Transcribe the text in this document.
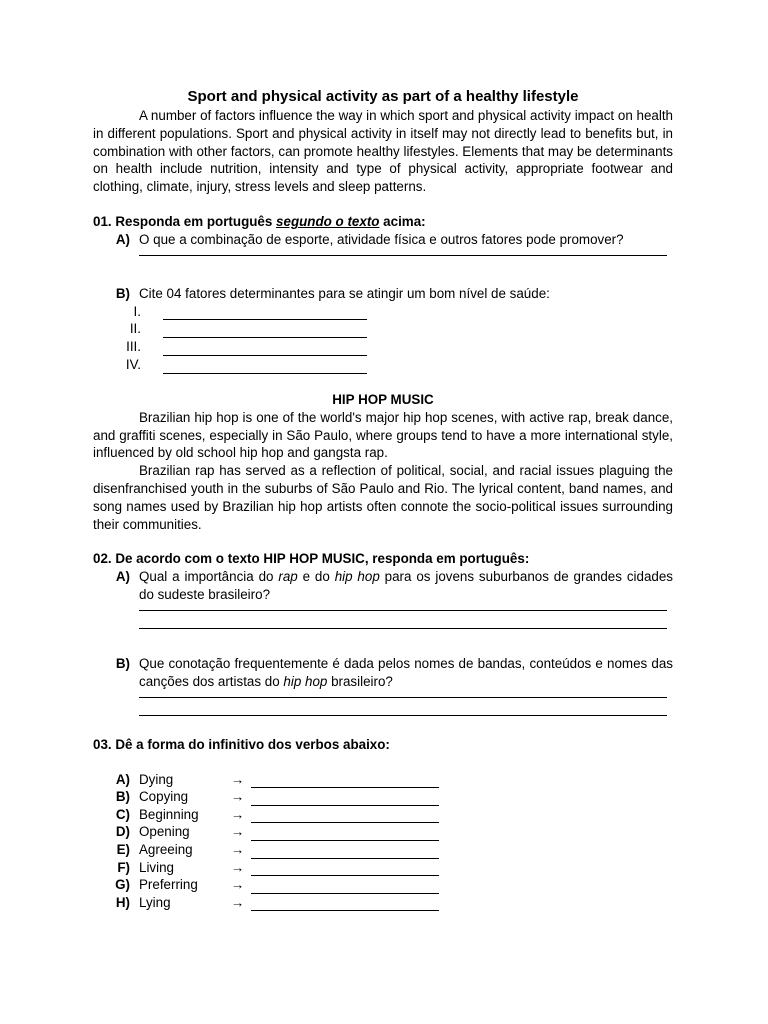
Sport and physical activity as part of a healthy lifestyle

A number of factors influence the way in which sport and physical activity impact on health in different populations. Sport and physical activity in itself may not directly lead to benefits but, in combination with other factors, can promote healthy lifestyles. Elements that may be determinants on health include nutrition, intensity and type of physical activity, appropriate footwear and clothing, climate, injury, stress levels and sleep patterns.

01. Responda em português segundo o texto acima:

A) O que a combinação de esporte, atividade física e outros fatores pode promover?
B) Cite 04 fatores determinantes para se atingir um bom nível de saúde:
I.
II.
III.
IV.

HIP HOP MUSIC

Brazilian hip hop is one of the world's major hip hop scenes, with active rap, break dance, and graffiti scenes, especially in São Paulo, where groups tend to have a more international style, influenced by old school hip hop and gangsta rap.

Brazilian rap has served as a reflection of political, social, and racial issues plaguing the disenfranchised youth in the suburbs of São Paulo and Rio. The lyrical content, band names, and song names used by Brazilian hip hop artists often connote the socio-political issues surrounding their communities.

02. De acordo com o texto HIP HOP MUSIC, responda em português:

A) Qual a importância do rap e do hip hop para os jovens suburbanos de grandes cidades do sudeste brasileiro?
B) Que conotação frequentemente é dada pelos nomes de bandas, conteúdos e nomes das canções dos artistas do hip hop brasileiro?

03. Dê a forma do infinitivo dos verbos abaixo:

A) Dying	→
B) Copying	→
C) Beginning	→
D) Opening	→
E) Agreeing	→
F) Living	→
G) Preferring	→
H) Lying	→
